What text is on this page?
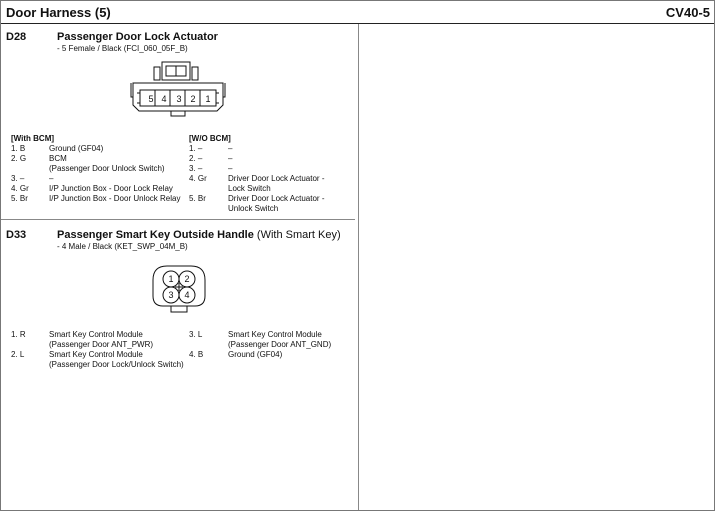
Door Harness (5)	CV40-5
D28	Passenger Door Lock Actuator
- 5 Female / Black (FCI_060_05F_B)
5 4 3 2 1
[With BCM]	[W/O BCM]
1. B	Ground (GF04)
2. G	BCM
(Passenger Door Unlock Switch)
3. –	–
4. Gr	I/P Junction Box - Door Lock Relay
5. Br	I/P Junction Box - Door Unlock Relay
1. –	–
2. –	–
3. –	–
4. Gr	Driver Door Lock Actuator -
Lock Switch
5. Br	Driver Door Lock Actuator -
Unlock Switch
D33	Passenger Smart Key Outside Handle (With Smart Key)
- 4 Male / Black (KET_SWP_04M_B)
1 2
3 4
1. R	Smart Key Control Module
(Passenger Door ANT_PWR)
2. L	Smart Key Control Module
(Passenger Door Lock/Unlock Switch)
3. L	Smart Key Control Module
(Passenger Door ANT_GND)
4. B	Ground (GF04)
